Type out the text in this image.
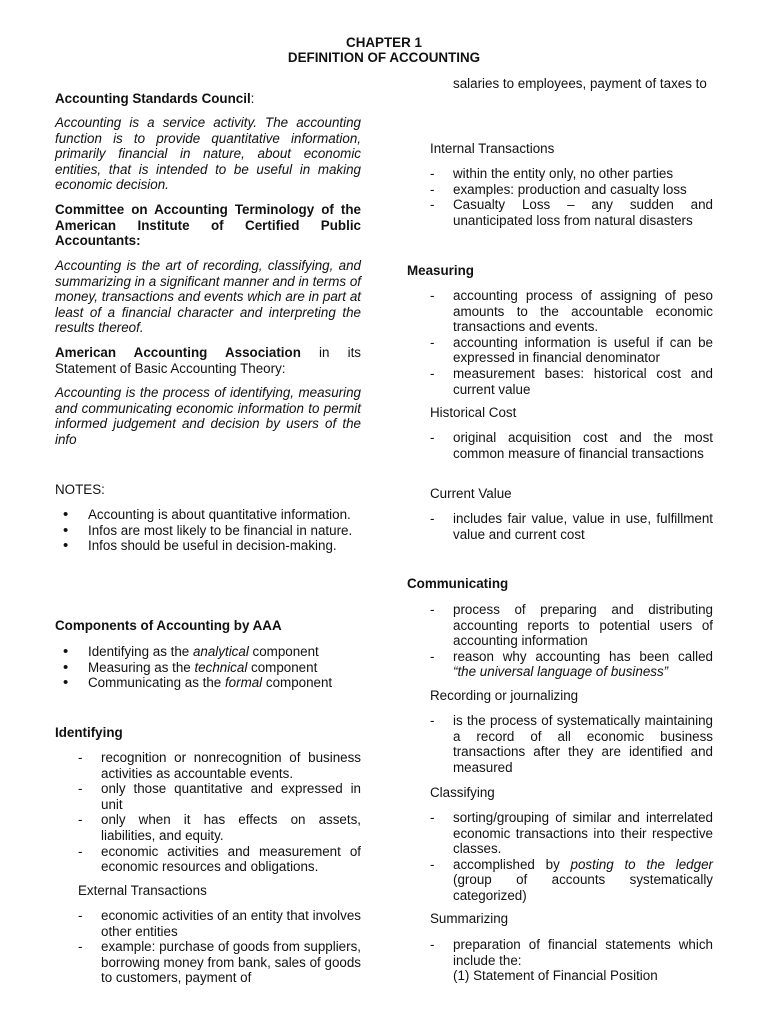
CHAPTER 1
DEFINITION OF ACCOUNTING

Accounting Standards Council:

Accounting is a service activity. The accounting function is to provide quantitative information, primarily financial in nature, about economic entities, that is intended to be useful in making economic decision.

Committee on Accounting Terminology of the American Institute of Certified Public Accountants:

Accounting is the art of recording, classifying, and summarizing in a significant manner and in terms of money, transactions and events which are in part at least of a financial character and interpreting the results thereof.

American Accounting Association in its Statement of Basic Accounting Theory:

Accounting is the process of identifying, measuring and communicating economic information to permit informed judgement and decision by users of the info

NOTES:

• Accounting is about quantitative information.
• Infos are most likely to be financial in nature.
• Infos should be useful in decision-making.

Components of Accounting by AAA

• Identifying as the analytical component
• Measuring as the technical component
• Communicating as the formal component

Identifying

- recognition or nonrecognition of business activities as accountable events.
- only those quantitative and expressed in unit
- only when it has effects on assets, liabilities, and equity.
- economic activities and measurement of economic resources and obligations.

External Transactions

- economic activities of an entity that involves other entities
- example: purchase of goods from suppliers, borrowing money from bank, sales of goods to customers, payment of

salaries to employees, payment of taxes to

Internal Transactions

- within the entity only, no other parties
- examples: production and casualty loss
- Casualty Loss – any sudden and unanticipated loss from natural disasters

Measuring

- accounting process of assigning of peso amounts to the accountable economic transactions and events.
- accounting information is useful if can be expressed in financial denominator
- measurement bases: historical cost and current value

Historical Cost

- original acquisition cost and the most common measure of financial transactions

Current Value

- includes fair value, value in use, fulfillment value and current cost

Communicating

- process of preparing and distributing accounting reports to potential users of accounting information
- reason why accounting has been called “the universal language of business”

Recording or journalizing

- is the process of systematically maintaining a record of all economic business transactions after they are identified and measured

Classifying

- sorting/grouping of similar and interrelated economic transactions into their respective classes.
- accomplished by posting to the ledger (group of accounts systematically categorized)

Summarizing

- preparation of financial statements which include the:
(1) Statement of Financial Position
